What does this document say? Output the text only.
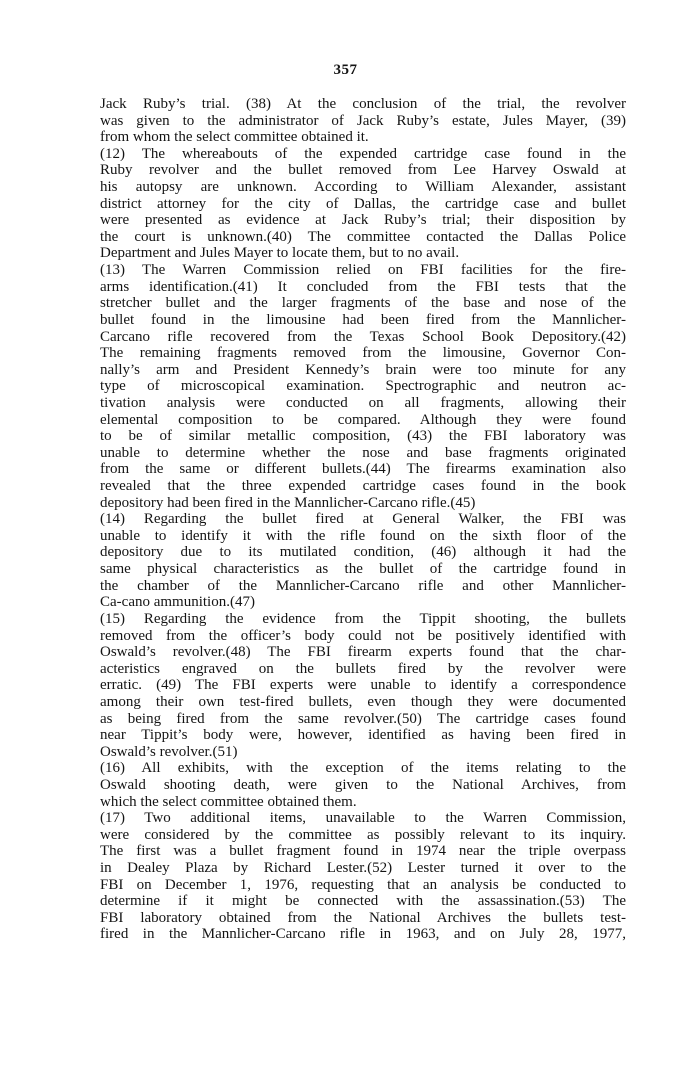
357
Jack Ruby’s trial. (38) At the conclusion of the trial, the revolver
was given to the administrator of Jack Ruby’s estate, Jules Mayer, (39)
from whom the select committee obtained it.
(12) The whereabouts of the expended cartridge case found in the
Ruby revolver and the bullet removed from Lee Harvey Oswald at
his autopsy are unknown. According to William Alexander, assistant
district attorney for the city of Dallas, the cartridge case and bullet
were presented as evidence at Jack Ruby’s trial; their disposition by
the court is unknown.(40) The committee contacted the Dallas Police
Department and Jules Mayer to locate them, but to no avail.
(13) The Warren Commission relied on FBI facilities for the fire-
arms identification.(41) It concluded from the FBI tests that the
stretcher bullet and the larger fragments of the base and nose of the
bullet found in the limousine had been fired from the Mannlicher-
Carcano rifle recovered from the Texas School Book Depository.(42)
The remaining fragments removed from the limousine, Governor Con-
nally’s arm and President Kennedy’s brain were too minute for any
type of microscopical examination. Spectrographic and neutron ac-
tivation analysis were conducted on all fragments, allowing their
elemental composition to be compared. Although they were found
to be of similar metallic composition, (43) the FBI laboratory was
unable to determine whether the nose and base fragments originated
from the same or different bullets.(44) The firearms examination also
revealed that the three expended cartridge cases found in the book
depository had been fired in the Mannlicher-Carcano rifle.(45)
(14) Regarding the bullet fired at General Walker, the FBI was
unable to identify it with the rifle found on the sixth floor of the
depository due to its mutilated condition, (46) although it had the
same physical characteristics as the bullet of the cartridge found in
the chamber of the Mannlicher-Carcano rifle and other Mannlicher-
Ca-cano ammunition.(47)
(15) Regarding the evidence from the Tippit shooting, the bullets
removed from the officer’s body could not be positively identified with
Oswald’s revolver.(48) The FBI firearm experts found that the char-
acteristics engraved on the bullets fired by the revolver were
erratic. (49) The FBI experts were unable to identify a correspondence
among their own test-fired bullets, even though they were documented
as being fired from the same revolver.(50) The cartridge cases found
near Tippit’s body were, however, identified as having been fired in
Oswald’s revolver.(51)
(16) All exhibits, with the exception of the items relating to the
Oswald shooting death, were given to the National Archives, from
which the select committee obtained them.
(17) Two additional items, unavailable to the Warren Commission,
were considered by the committee as possibly relevant to its inquiry.
The first was a bullet fragment found in 1974 near the triple overpass
in Dealey Plaza by Richard Lester.(52) Lester turned it over to the
FBI on December 1, 1976, requesting that an analysis be conducted to
determine if it might be connected with the assassination.(53) The
FBI laboratory obtained from the National Archives the bullets test-
fired in the Mannlicher-Carcano rifle in 1963, and on July 28, 1977,
